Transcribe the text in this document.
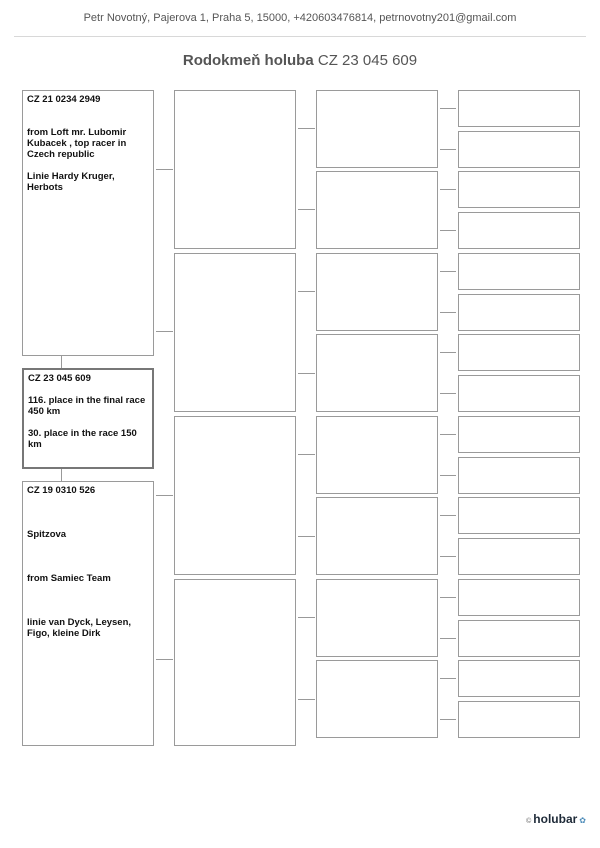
Petr Novotný, Pajerova 1, Praha 5, 15000, +420603476814, petrnovotny201@gmail.com
Rodokmeň holuba CZ 23 045 609
CZ 21 0234 2949
from Loft mr. Lubomir Kubacek , top racer in Czech republic
Linie Hardy Kruger, Herbots
CZ 23 045 609
116. place in the final race 450 km
30. place in the race 150 km
CZ 19 0310 526
Spitzova
from Samiec Team
linie van Dyck, Leysen, Figo, kleine Dirk
© holubar ✿
